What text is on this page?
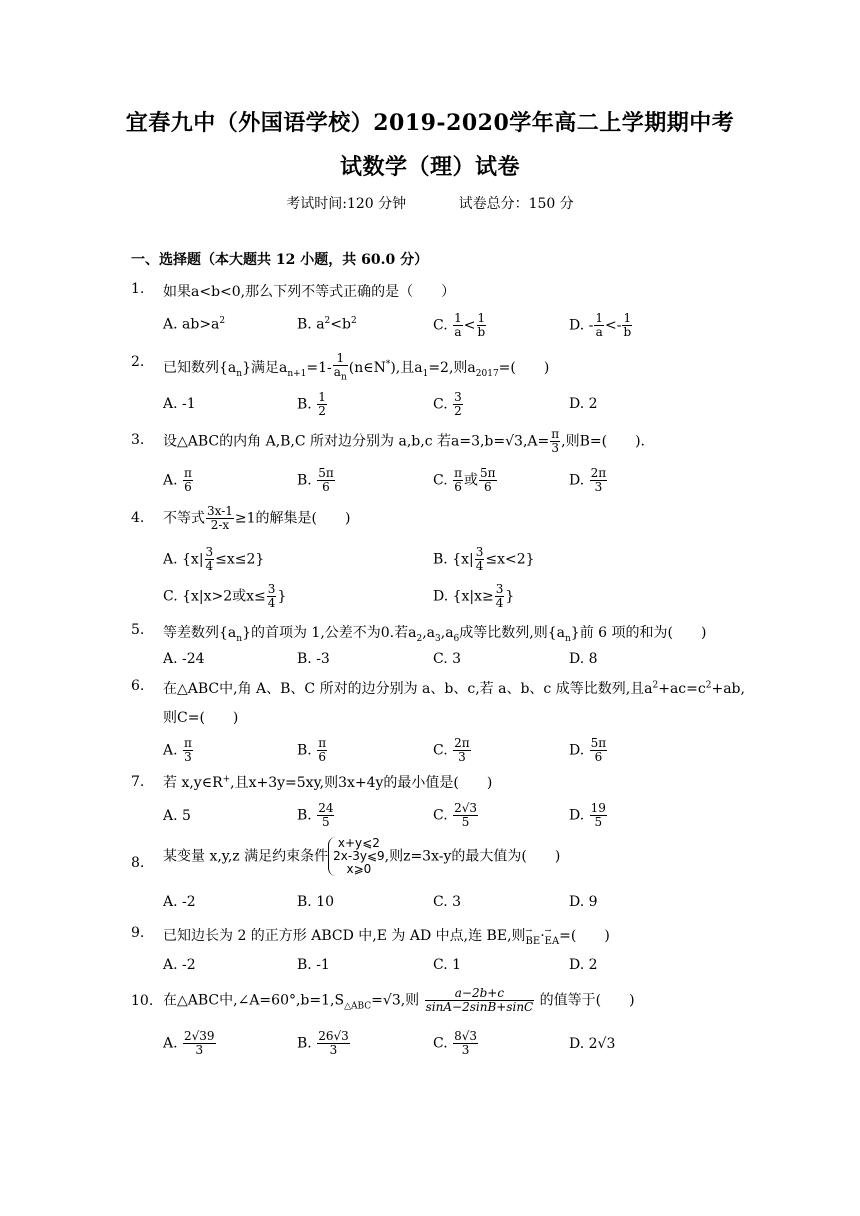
宜春九中（外国语学校）2019-2020学年高二上学期期中考
试数学（理）试卷
考试时间:120 分钟	试卷总分：150 分
一、选择题（本大题共 12 小题，共 60.0 分）
1. 如果a<b<0,那么下列不等式正确的是（　　）
A. $ab>a^2$	B. $a^2<b^2$	C. $\frac{1}{a} < \frac{1}{b}$	D. - $\frac{1}{a} <- \frac{1}{b}$
2. 已知数列$\{a_n\}$满足$a_{n+1}=1- \frac{1}{a_n}$ (n∈N*),且$a_1=2$,则$a_{2017}=$(　　)
A. -1	B. $\frac{1}{2}$	C. $\frac{3}{2}$	D. 2
3. 设△ABC的内角 A,B,C 所对边分别为 a,b,c 若$a=3,b=√3,A= \frac{\pi}{3}$ ,则B=(　　).
A. $\frac{\pi}{6}$	B. $\frac{5\pi}{6}$	C. $\frac{\pi}{6}$ 或 $\frac{5\pi}{6}$	D. $\frac{2\pi}{3}$
4. 不等式 $\frac{3x-1}{2-x} \ge 1$的解集是(　　)
A. $\{x| \frac{3}{4} \le x\le 2\}$	B. $\{x| \frac{3}{4} \le x<2\}$
C. {x|x>2或$x\le \frac{3}{4}$ }	D. {$x|x\ge \frac{3}{4}$ }
5. 等差数列$\{a_n\}$的首项为 1,公差不为0.若$a_2,a_3,a_6$成等比数列,则$\{a_n\}$前 6 项的和为(　　)
A. -24	B. -3	C. 3	D. 8
6. 在△ABC中,角 A、B、C 所对的边分别为 a、b、c,若 a、b、c 成等比数列,且$a^2+ac=c^2+ab$,
则C=(　　)
A. $\frac{\pi}{3}$	B. $\frac{\pi}{6}$	C. $\frac{2\pi}{3}$	D. $\frac{5\pi}{6}$
7. 若 x,y∈R+,且x+3y=5xy,则3x+4y的最小值是(　　)
A. 5	B. $\frac{24}{5}$	C. $\frac{2√3}{5}$	D. $\frac{19}{5}$
8. 某变量 x,y,z 满足约束条件
x+y⩽2
2x-3y⩽9
x⩾0
,则z=3x-y的最大值为(　　)
A. -2	B. 10	C. 3	D. 9
9. 已知边长为 2 的正方形 ABCD 中,E 为 AD 中点,连 BE,则→ BE·→ EA=(　　)
A. -2	B. -1	C. 1	D. 2
10. 在△ABC中$,\angle A=60^\circ,b=1,S_{\triangle ABC}=√3$,则 $\frac{a-2b+c}{\sin A-2\sin B+\sin C}$ 的值等于(　　)
A. $\frac{2√39}{3}$	B. $\frac{26√3}{3}$	C. $\frac{8√3}{3}$	D. 2√3
